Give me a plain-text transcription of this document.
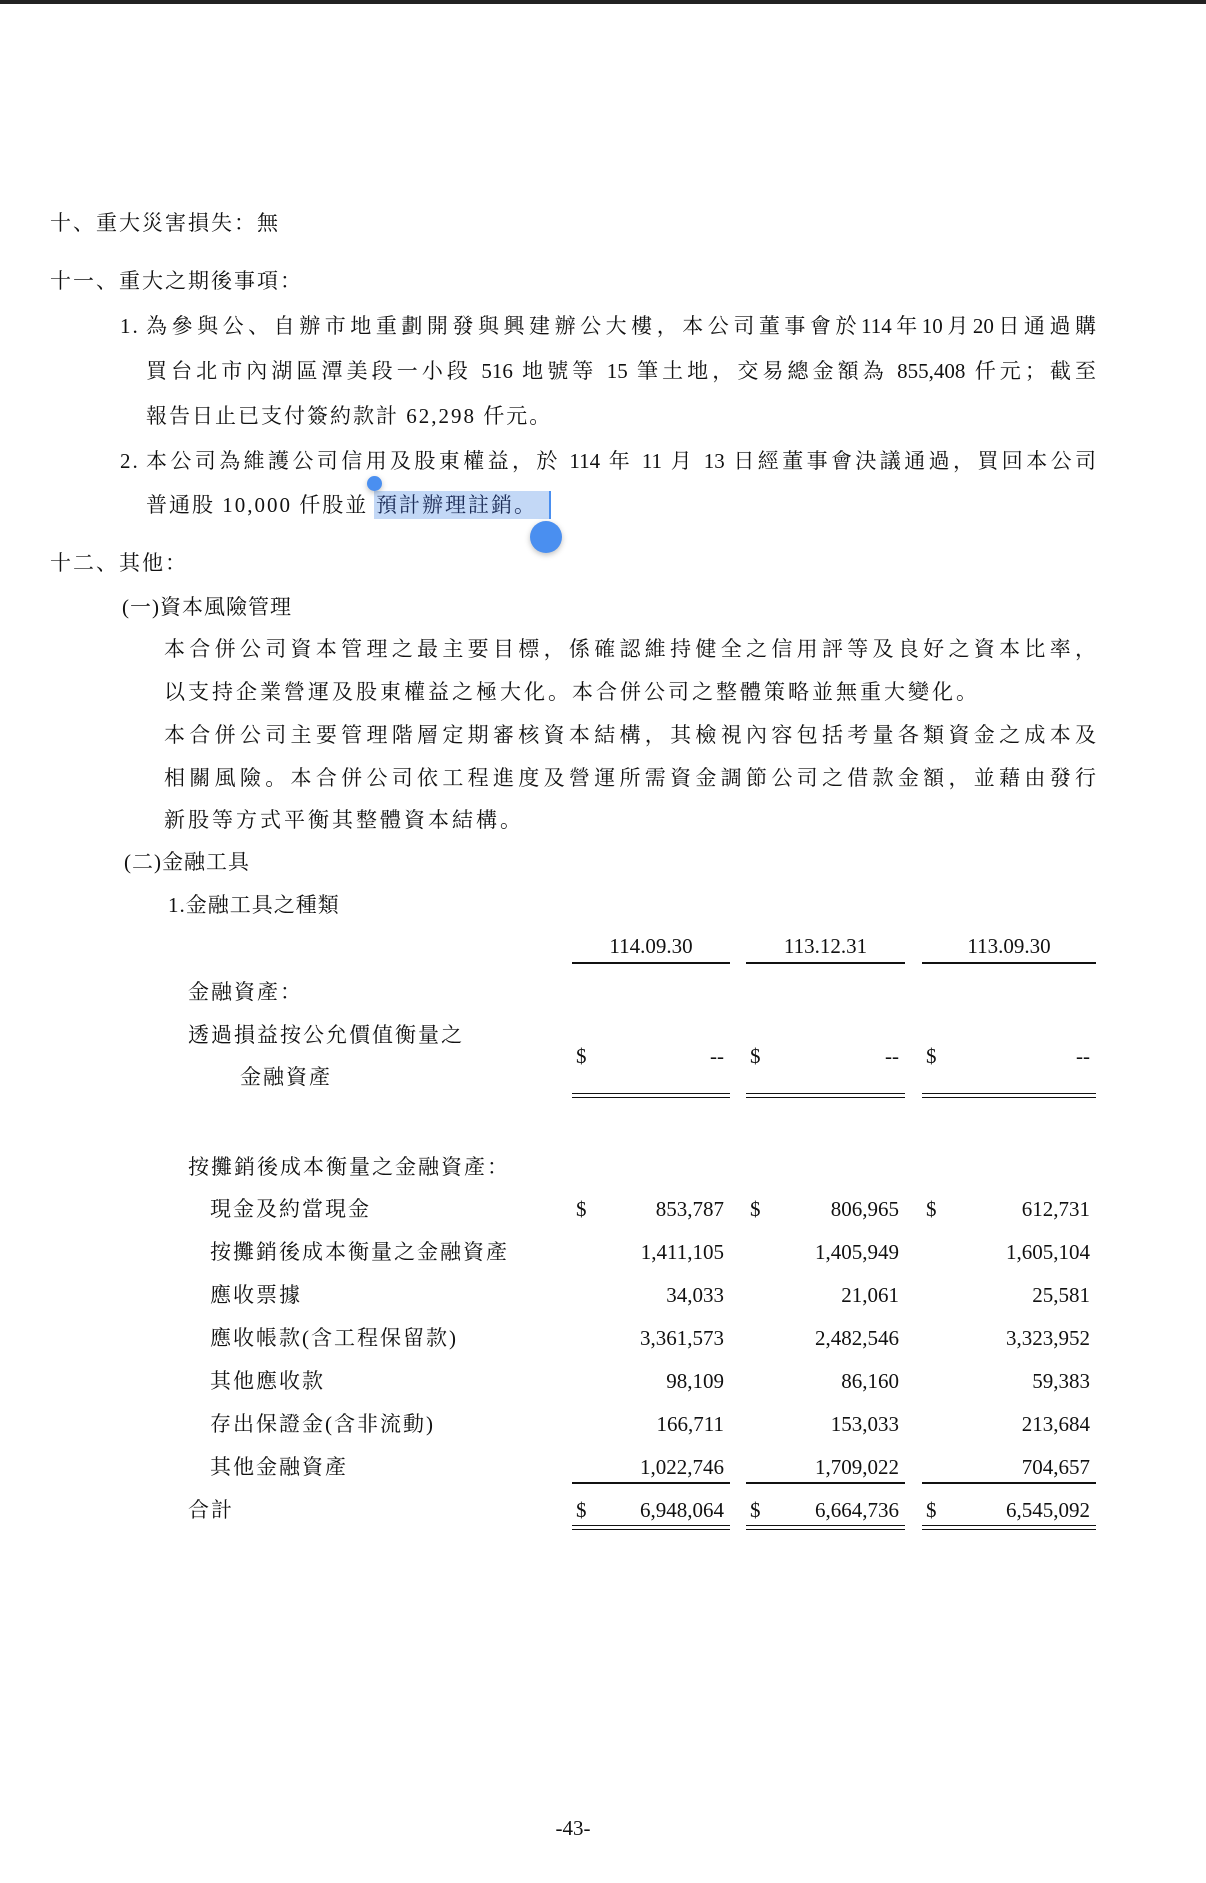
十、重大災害損失：無
十一、重大之期後事項：
1. 為參與公、自辦市地重劃開發與興建辦公大樓，本公司董事會於114年10月20日通過購
買台北市內湖區潭美段一小段 516 地號等 15 筆土地，交易總金額為 855,408 仟元；截至
報告日止已支付簽約款計 62,298 仟元。
2. 本公司為維護公司信用及股東權益，於 114 年 11 月 13 日經董事會決議通過，買回本公司
普通股 10,000 仟股並 預計辦理註銷。
十二、其他：
(一)資本風險管理
本合併公司資本管理之最主要目標，係確認維持健全之信用評等及良好之資本比率，
以支持企業營運及股東權益之極大化。本合併公司之整體策略並無重大變化。
本合併公司主要管理階層定期審核資本結構，其檢視內容包括考量各類資金之成本及
相關風險。本合併公司依工程進度及營運所需資金調節公司之借款金額，並藉由發行
新股等方式平衡其整體資本結構。
(二)金融工具
1.金融工具之種類
114.09.30	113.12.31	113.09.30
金融資產：
透過損益按公允價值衡量之
金融資產
$	-- $	-- $	--
按攤銷後成本衡量之金融資產：
現金及約當現金	$	853,787 $	806,965 $	612,731
按攤銷後成本衡量之金融資產	1,411,105	1,405,949	1,605,104
應收票據	34,033	21,061	25,581
應收帳款(含工程保留款)	3,361,573	2,482,546	3,323,952
其他應收款	98,109	86,160	59,383
存出保證金(含非流動)	166,711	153,033	213,684
其他金融資產	1,022,746	1,709,022	704,657
合計	$	6,948,064 $	6,664,736 $	6,545,092
-43-
